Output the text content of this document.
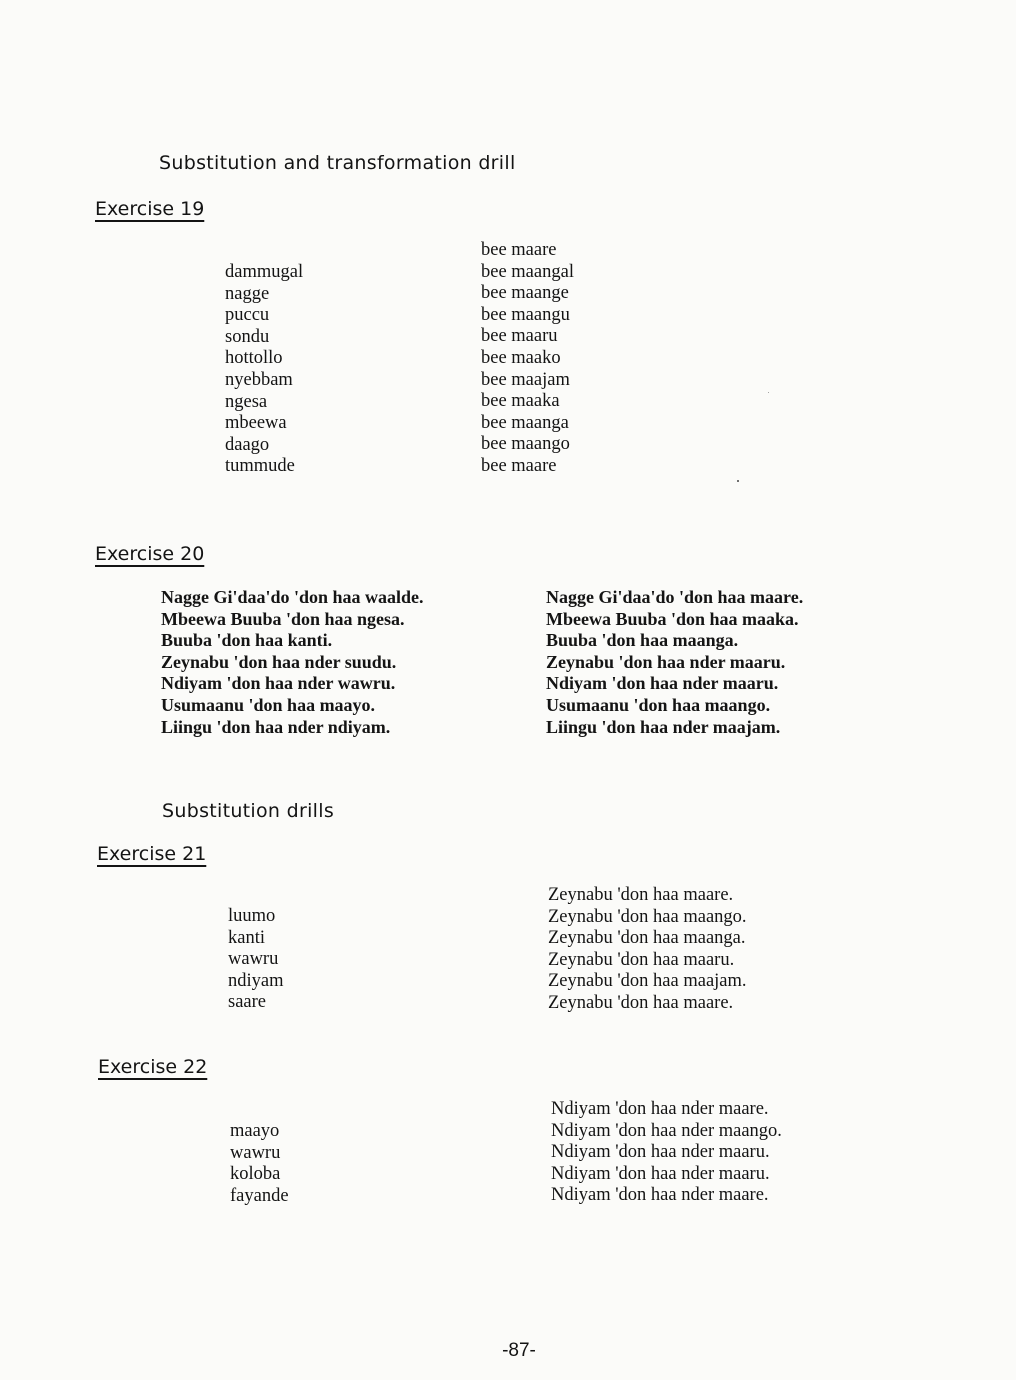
Substitution and transformation drill
Exercise 19
dammugal
nagge
puccu
sondu
hottollo
nyebbam
ngesa
mbeewa
daago
tummude
bee maare
bee maangal
bee maange
bee maangu
bee maaru
bee maako
bee maajam
bee maaka
bee maanga
bee maango
bee maare
Exercise 20
Nagge Gi'daa'do 'don haa waalde.
Mbeewa Buuba 'don haa ngesa.
Buuba 'don haa kanti.
Zeynabu 'don haa nder suudu.
Ndiyam 'don haa nder wawru.
Usumaanu 'don haa maayo.
Liingu 'don haa nder ndiyam.
Nagge Gi'daa'do 'don haa maare.
Mbeewa Buuba 'don haa maaka.
Buuba 'don haa maanga.
Zeynabu 'don haa nder maaru.
Ndiyam 'don haa nder maaru.
Usumaanu 'don haa maango.
Liingu 'don haa nder maajam.
Substitution drills
Exercise 21
luumo
kanti
wawru
ndiyam
saare
Zeynabu 'don haa maare.
Zeynabu 'don haa maango.
Zeynabu 'don haa maanga.
Zeynabu 'don haa maaru.
Zeynabu 'don haa maajam.
Zeynabu 'don haa maare.
Exercise 22
maayo
wawru
koloba
fayande
Ndiyam 'don haa nder maare.
Ndiyam 'don haa nder maango.
Ndiyam 'don haa nder maaru.
Ndiyam 'don haa nder maaru.
Ndiyam 'don haa nder maare.
-87-
